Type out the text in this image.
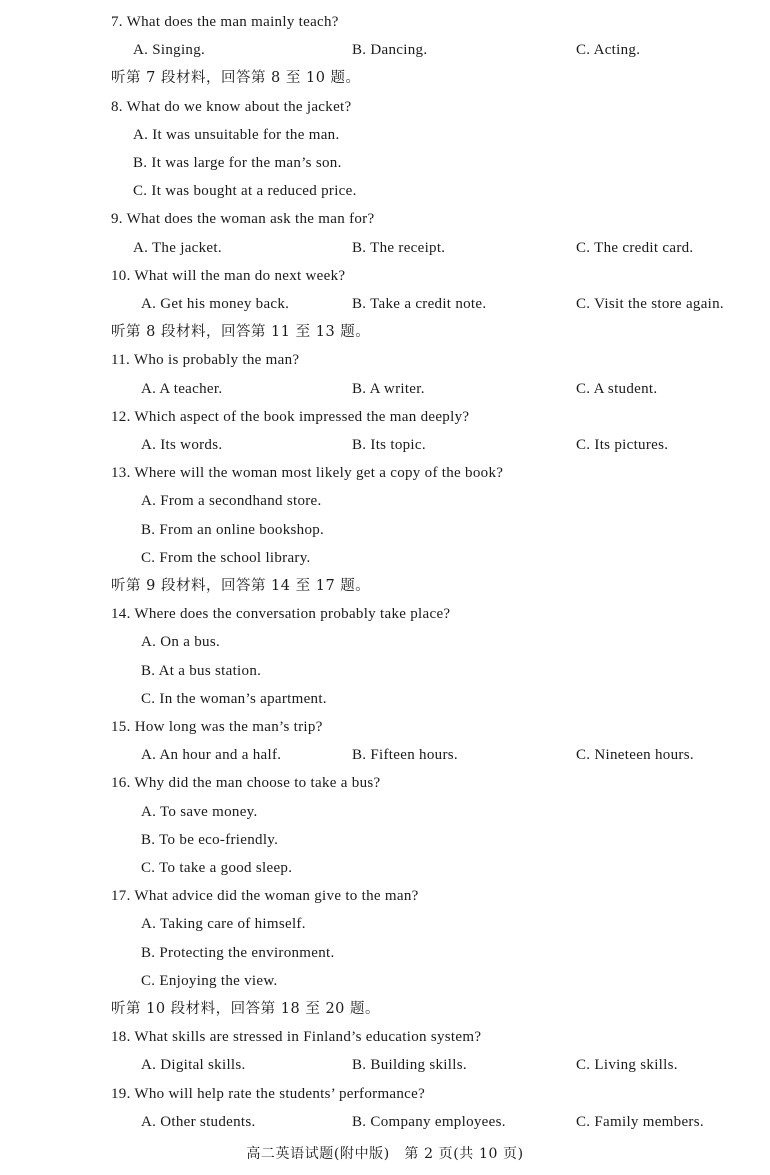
7. What does the man mainly teach?
A. Singing.	B. Dancing.	C. Acting.
听第 7 段材料，回答第 8 至 10 题。
8. What do we know about the jacket?
A. It was unsuitable for the man.
B. It was large for the man’s son.
C. It was bought at a reduced price.
9. What does the woman ask the man for?
A. The jacket.	B. The receipt.	C. The credit card.
10. What will the man do next week?
A. Get his money back.	B. Take a credit note.	C. Visit the store again.
听第 8 段材料，回答第 11 至 13 题。
11. Who is probably the man?
A. A teacher.	B. A writer.	C. A student.
12. Which aspect of the book impressed the man deeply?
A. Its words.	B. Its topic.	C. Its pictures.
13. Where will the woman most likely get a copy of the book?
A. From a secondhand store.
B. From an online bookshop.
C. From the school library.
听第 9 段材料，回答第 14 至 17 题。
14. Where does the conversation probably take place?
A. On a bus.
B. At a bus station.
C. In the woman’s apartment.
15. How long was the man’s trip?
A. An hour and a half.	B. Fifteen hours.	C. Nineteen hours.
16. Why did the man choose to take a bus?
A. To save money.
B. To be eco-friendly.
C. To take a good sleep.
17. What advice did the woman give to the man?
A. Taking care of himself.
B. Protecting the environment.
C. Enjoying the view.
听第 10 段材料，回答第 18 至 20 题。
18. What skills are stressed in Finland’s education system?
A. Digital skills.	B. Building skills.	C. Living skills.
19. Who will help rate the students’ performance?
A. Other students.	B. Company employees.	C. Family members.
高二英语试题(附中版)　第 2 页(共 10 页)
